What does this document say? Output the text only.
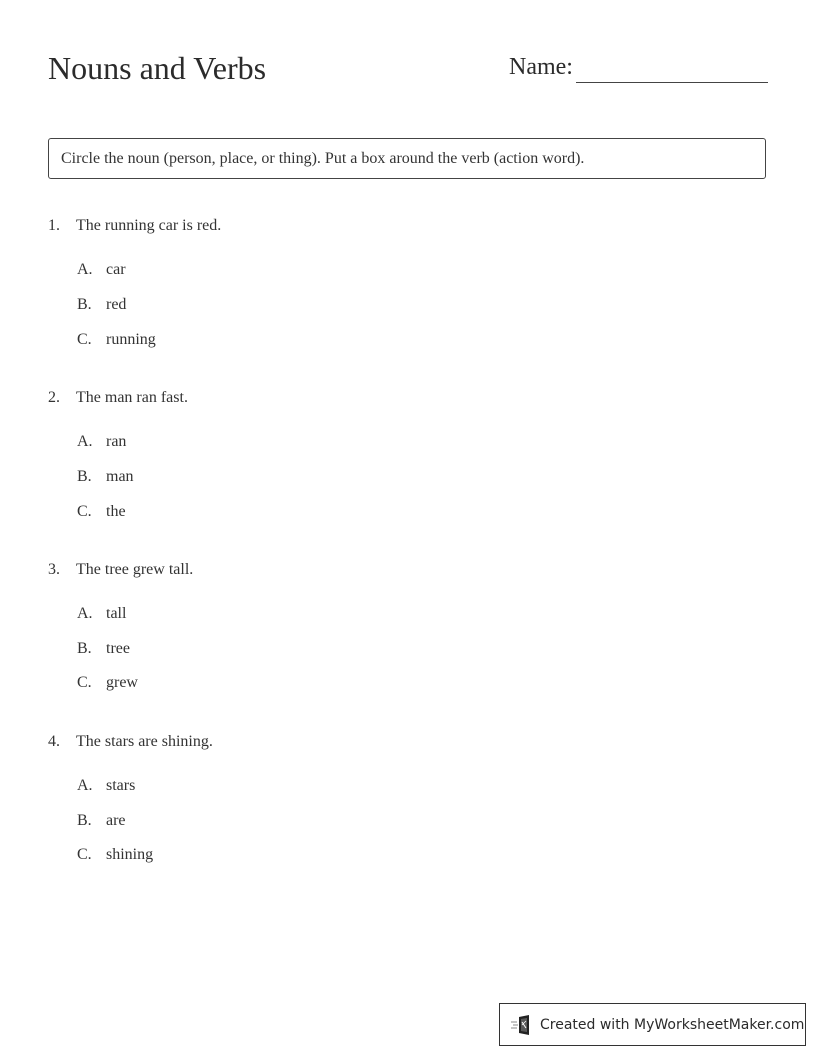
Nouns and Verbs	Name:
Circle the noun (person, place, or thing). Put a box around the verb (action word).
1.	The running car is red.
A. car
B. red
C. running
2.	The man ran fast.
A. ran
B. man
C. the
3.	The tree grew tall.
A. tall
B. tree
C. grew
4.	The stars are shining.
A. stars
B. are
C. shining
Created with MyWorksheetMaker.com
